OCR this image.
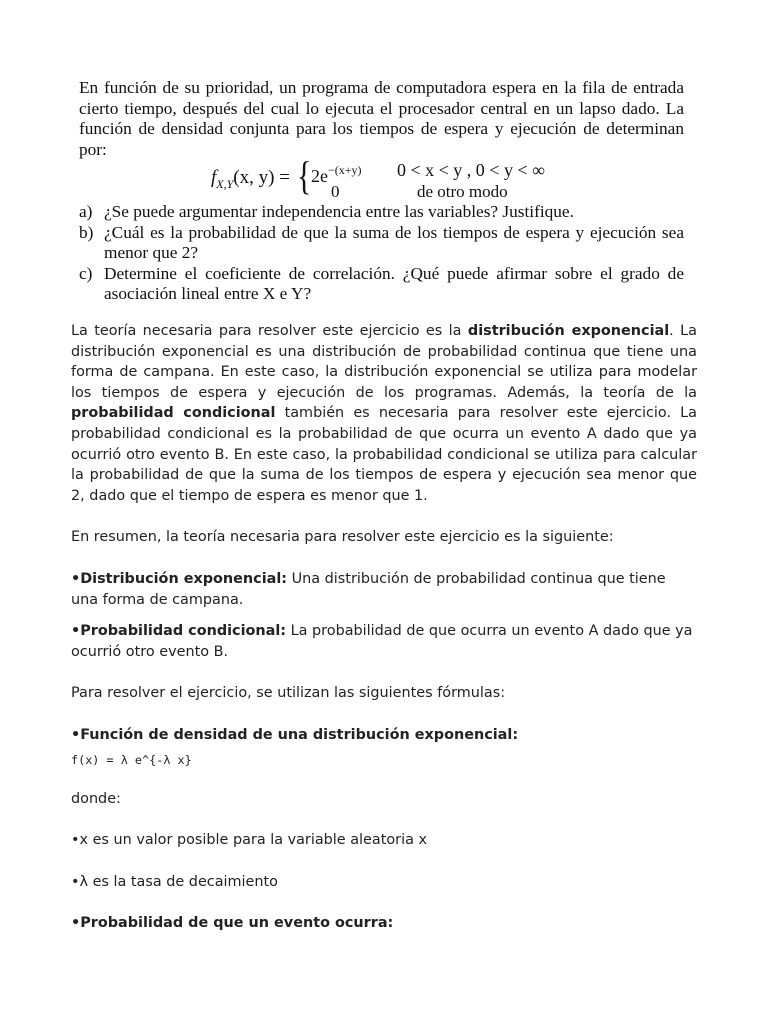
En función de su prioridad, un programa de computadora espera en la fila de entrada cierto tiempo, después del cual lo ejecuta el procesador central en un lapso dado. La función de densidad conjunta para los tiempos de espera y ejecución de determinan por:
$f_{X,Y}(x$, y) = { $2e^{-(x+y)}$ 0 < x < y , 0 < y < ∞
0	de otro modo
a) ¿Se puede argumentar independencia entre las variables? Justifique.
b) ¿Cuál es la probabilidad de que la suma de los tiempos de espera y ejecución sea menor que 2?
c) Determine el coeficiente de correlación. ¿Qué puede afirmar sobre el grado de asociación lineal entre X e Y?

La teoría necesaria para resolver este ejercicio es la distribución exponencial. La distribución exponencial es una distribución de probabilidad continua que tiene una forma de campana. En este caso, la distribución exponencial se utiliza para modelar los tiempos de espera y ejecución de los programas. Además, la teoría de la probabilidad condicional también es necesaria para resolver este ejercicio. La probabilidad condicional es la probabilidad de que ocurra un evento A dado que ya ocurrió otro evento B. En este caso, la probabilidad condicional se utiliza para calcular la probabilidad de que la suma de los tiempos de espera y ejecución sea menor que 2, dado que el tiempo de espera es menor que 1.

En resumen, la teoría necesaria para resolver este ejercicio es la siguiente:

•Distribución exponencial: Una distribución de probabilidad continua que tiene una forma de campana.

•Probabilidad condicional: La probabilidad de que ocurra un evento A dado que ya ocurrió otro evento B.

Para resolver el ejercicio, se utilizan las siguientes fórmulas:

•Función de densidad de una distribución exponencial:

f(x) = λ e^{-λ x}

donde:

•x es un valor posible para la variable aleatoria x

•λ es la tasa de decaimiento

•Probabilidad de que un evento ocurra:
